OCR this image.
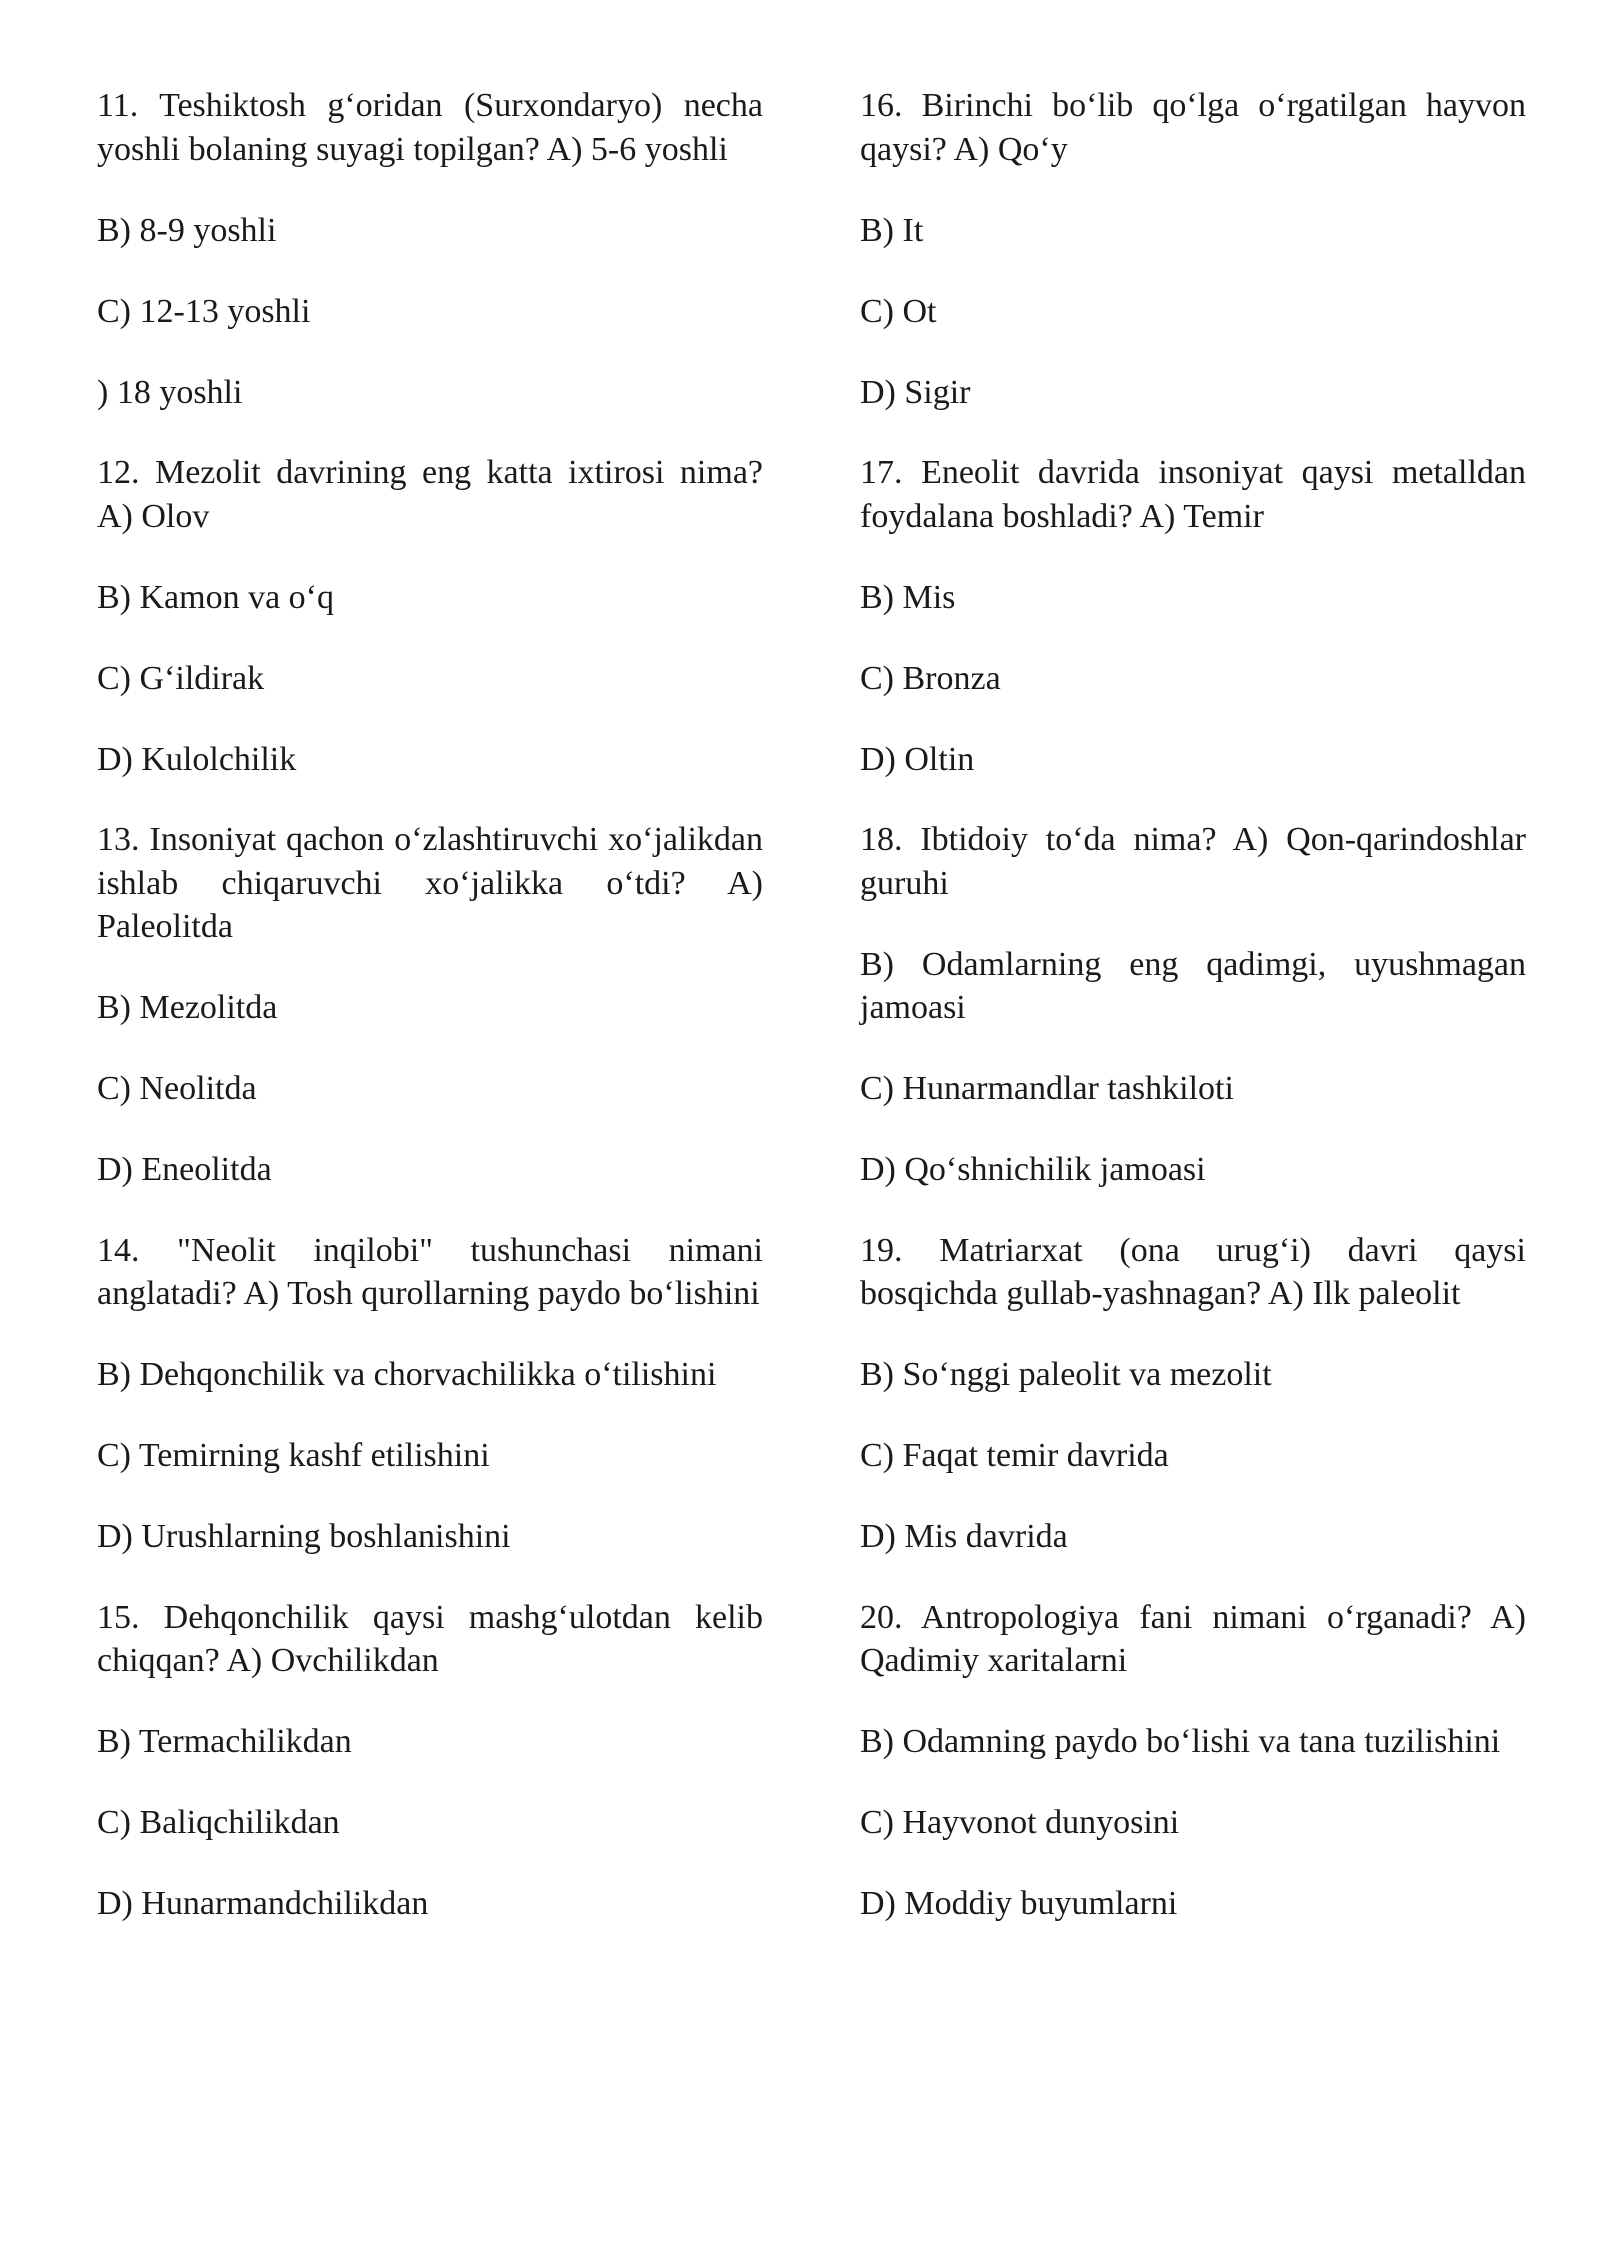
11. Teshiktosh g‘oridan (Surxondaryo) necha yoshli bolaning suyagi topilgan? A) 5-6 yoshli
B) 8-9 yoshli
C) 12-13 yoshli
) 18 yoshli
12. Mezolit davrining eng katta ixtirosi nima? A) Olov
B) Kamon va o‘q
C) G‘ildirak
D) Kulolchilik
13. Insoniyat qachon o‘zlashtiruvchi xo‘jalikdan ishlab chiqaruvchi xo‘jalikka o‘tdi? A) Paleolitda
B) Mezolitda
C) Neolitda
D) Eneolitda
14. "Neolit inqilobi" tushunchasi nimani anglatadi? A) Tosh qurollarning paydo bo‘lishini
B) Dehqonchilik va chorvachilikka o‘tilishini
C) Temirning kashf etilishini
D) Urushlarning boshlanishini
15. Dehqonchilik qaysi mashg‘ulotdan kelib chiqqan? A) Ovchilikdan
B) Termachilikdan
C) Baliqchilikdan
D) Hunarmandchilikdan
16. Birinchi bo‘lib qo‘lga o‘rgatilgan hayvon qaysi? A) Qo‘y
B) It
C) Ot
D) Sigir
17. Eneolit davrida insoniyat qaysi metalldan foydalana boshladi? A) Temir
B) Mis
C) Bronza
D) Oltin
18. Ibtidoiy to‘da nima? A) Qon-qarindoshlar guruhi
B) Odamlarning eng qadimgi, uyushmagan jamoasi
C) Hunarmandlar tashkiloti
D) Qo‘shnichilik jamoasi
19. Matriarxat (ona urug‘i) davri qaysi bosqichda gullab-yashnagan? A) Ilk paleolit
B) So‘nggi paleolit va mezolit
C) Faqat temir davrida
D) Mis davrida
20. Antropologiya fani nimani o‘rganadi? A) Qadimiy xaritalarni
B) Odamning paydo bo‘lishi va tana tuzilishini
C) Hayvonot dunyosini
D) Moddiy buyumlarni
